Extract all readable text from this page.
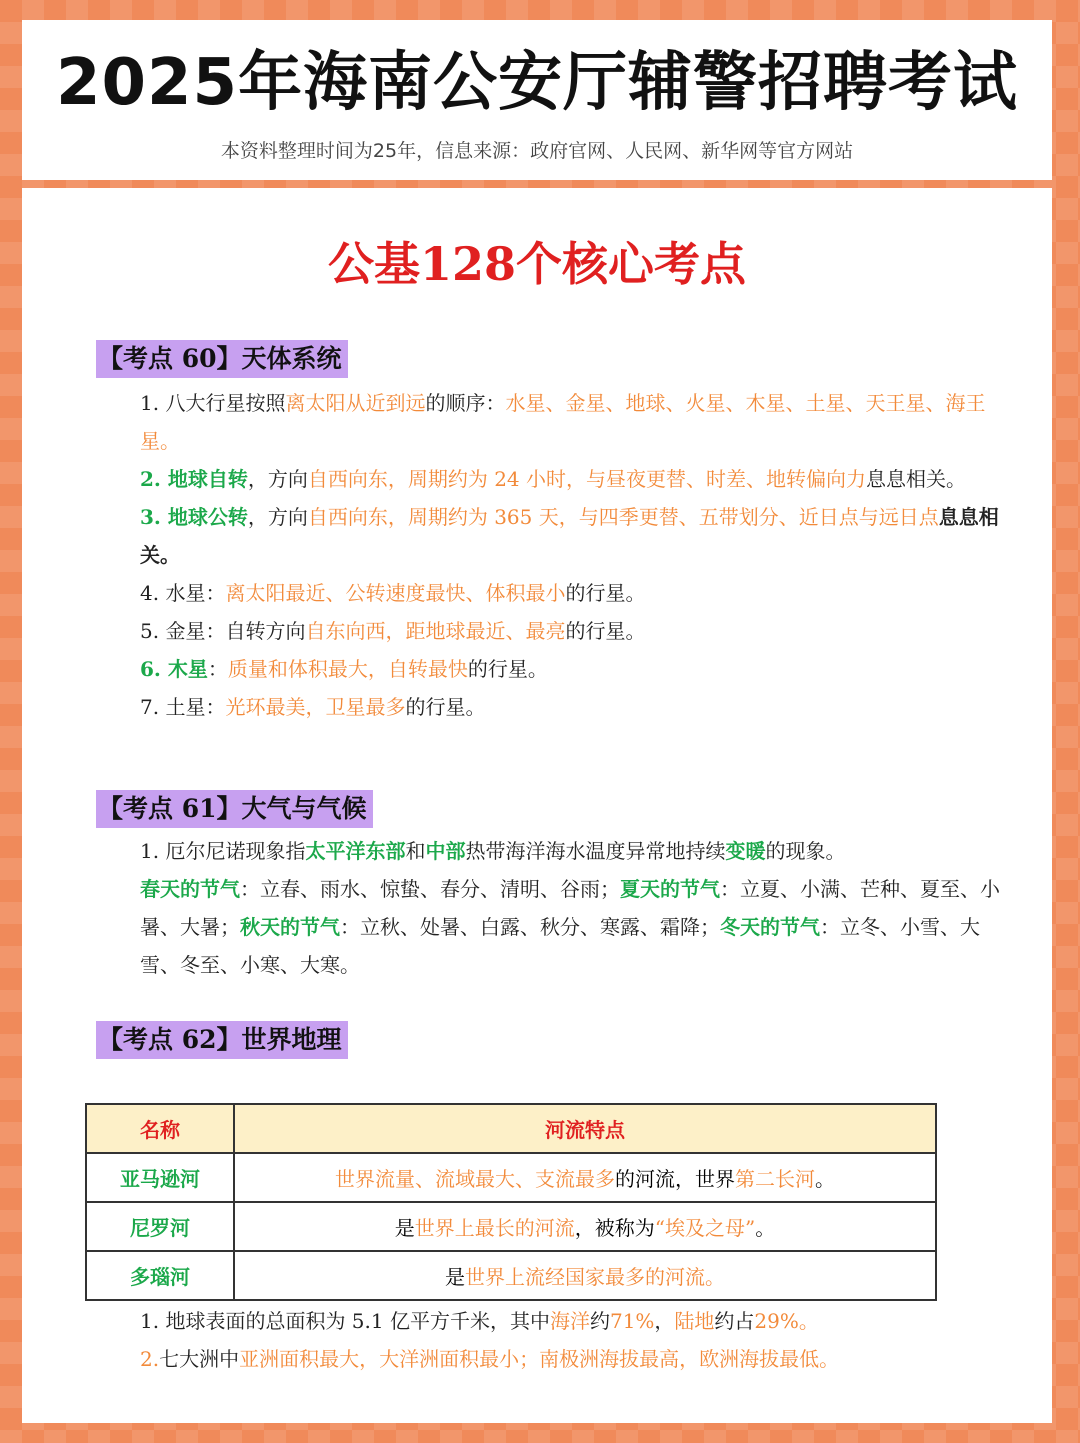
2025年海南公安厅辅警招聘考试
本资料整理时间为25年，信息来源：政府官网、人民网、新华网等官方网站
公基128个核心考点
【考点 60】天体系统
1. 八大行星按照离太阳从近到远的顺序：水星、金星、地球、火星、木星、土星、天王星、海王星。
2. 地球自转，方向自西向东，周期约为 24 小时，与昼夜更替、时差、地转偏向力息息相关。
3. 地球公转，方向自西向东，周期约为 365 天，与四季更替、五带划分、近日点与远日点息息相关。
4. 水星：离太阳最近、公转速度最快、体积最小的行星。
5. 金星：自转方向自东向西，距地球最近、最亮的行星。
6. 木星：质量和体积最大，自转最快的行星。
7. 土星：光环最美，卫星最多的行星。
【考点 61】大气与气候
1. 厄尔尼诺现象指太平洋东部和中部热带海洋海水温度异常地持续变暖的现象。
春天的节气：立春、雨水、惊蛰、春分、清明、谷雨；夏天的节气：立夏、小满、芒种、夏至、小暑、大暑；秋天的节气：立秋、处暑、白露、秋分、寒露、霜降；冬天的节气：立冬、小雪、大雪、冬至、小寒、大寒。
【考点 62】世界地理
名称	河流特点
亚马逊河	世界流量、流域最大、支流最多的河流，世界第二长河。
尼罗河	是世界上最长的河流，被称为“埃及之母”。
多瑙河	是世界上流经国家最多的河流。
1. 地球表面的总面积为 5.1 亿平方千米，其中海洋约71%，陆地约占29%。
2.七大洲中亚洲面积最大，大洋洲面积最小；南极洲海拔最高，欧洲海拔最低。
